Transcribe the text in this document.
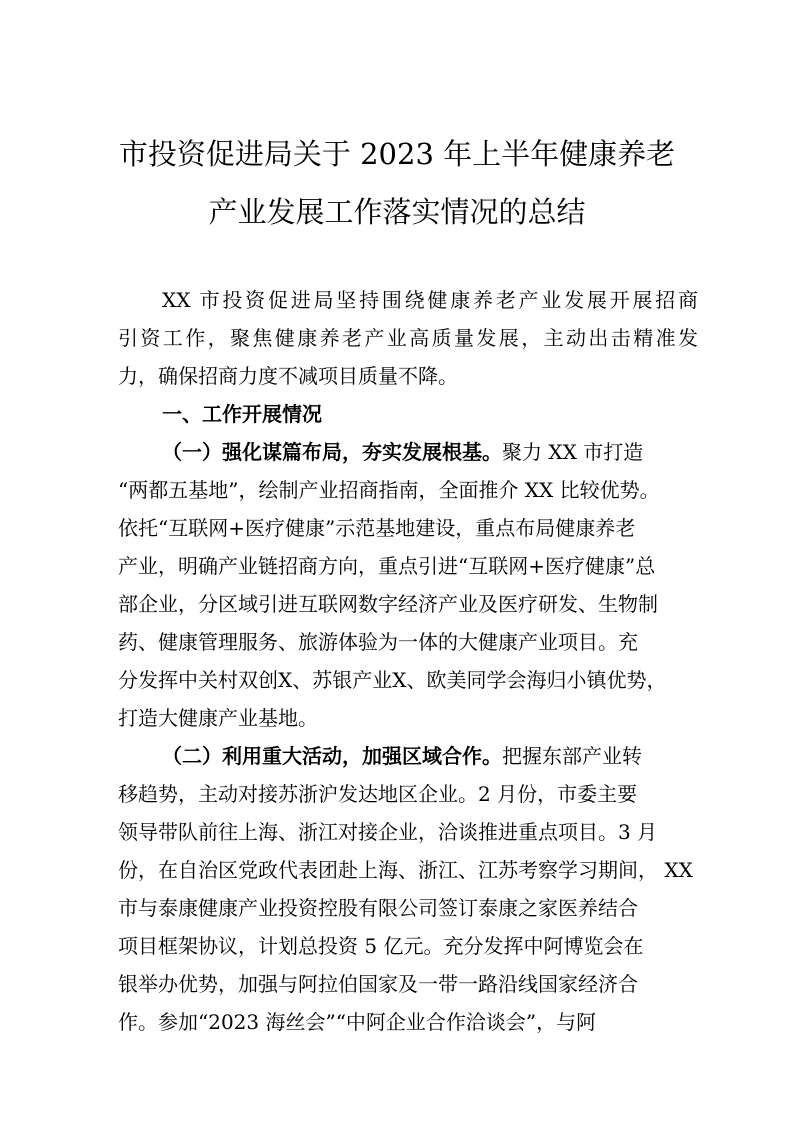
市投资促进局关于 2023 年上半年健康养老
产业发展工作落实情况的总结
XX 市投资促进局坚持围绕健康养老产业发展开展招商
引资工作，聚焦健康养老产业高质量发展，主动出击精准发
力，确保招商力度不减项目质量不降。
一、工作开展情况
（一）强化谋篇布局，夯实发展根基。聚力 XX 市打造
“两都五基地”，绘制产业招商指南，全面推介 XX 比较优势。
依托“互联网+医疗健康”示范基地建设，重点布局健康养老
产业，明确产业链招商方向，重点引进“互联网+医疗健康”总
部企业，分区域引进互联网数字经济产业及医疗研发、生物制
药、健康管理服务、旅游体验为一体的大健康产业项目。充
分发挥中关村双创X、苏银产业X、欧美同学会海归小镇优势，
打造大健康产业基地。
（二）利用重大活动，加强区域合作。把握东部产业转
移趋势，主动对接苏浙沪发达地区企业。2 月份，市委主要
领导带队前往上海、浙江对接企业，洽谈推进重点项目。3 月
份，在自治区党政代表团赴上海、浙江、江苏考察学习期间， XX
市与泰康健康产业投资控股有限公司签订泰康之家医养结合
项目框架协议，计划总投资 5 亿元。充分发挥中阿博览会在
银举办优势，加强与阿拉伯国家及一带一路沿线国家经济合
作。参加“2023 海丝会”“中阿企业合作洽谈会”，与阿
